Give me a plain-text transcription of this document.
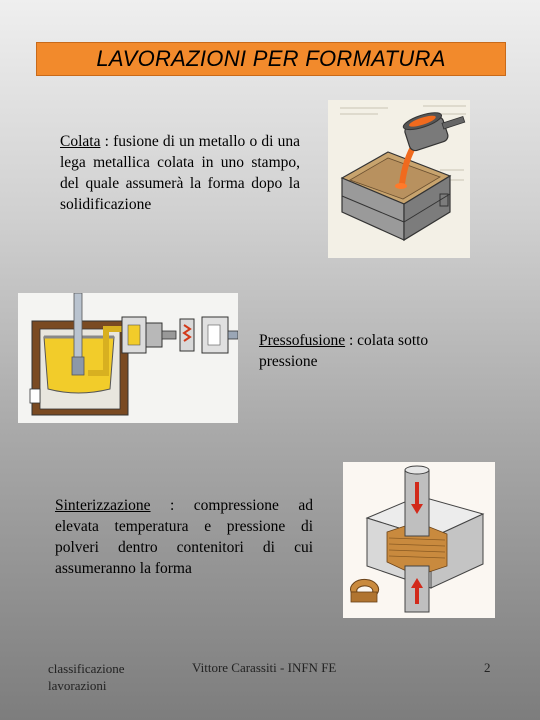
LAVORAZIONI PER FORMATURA
Colata : fusione di un metallo o di una lega metallica colata in uno stampo, del quale assumerà la forma dopo la solidificazione
Pressofusione : colata sotto pressione
Sinterizzazione : compressione ad elevata temperatura e pressione di polveri dentro contenitori di cui assumeranno la forma
classificazione lavorazioni
Vittore Carassiti - INFN FE	2
